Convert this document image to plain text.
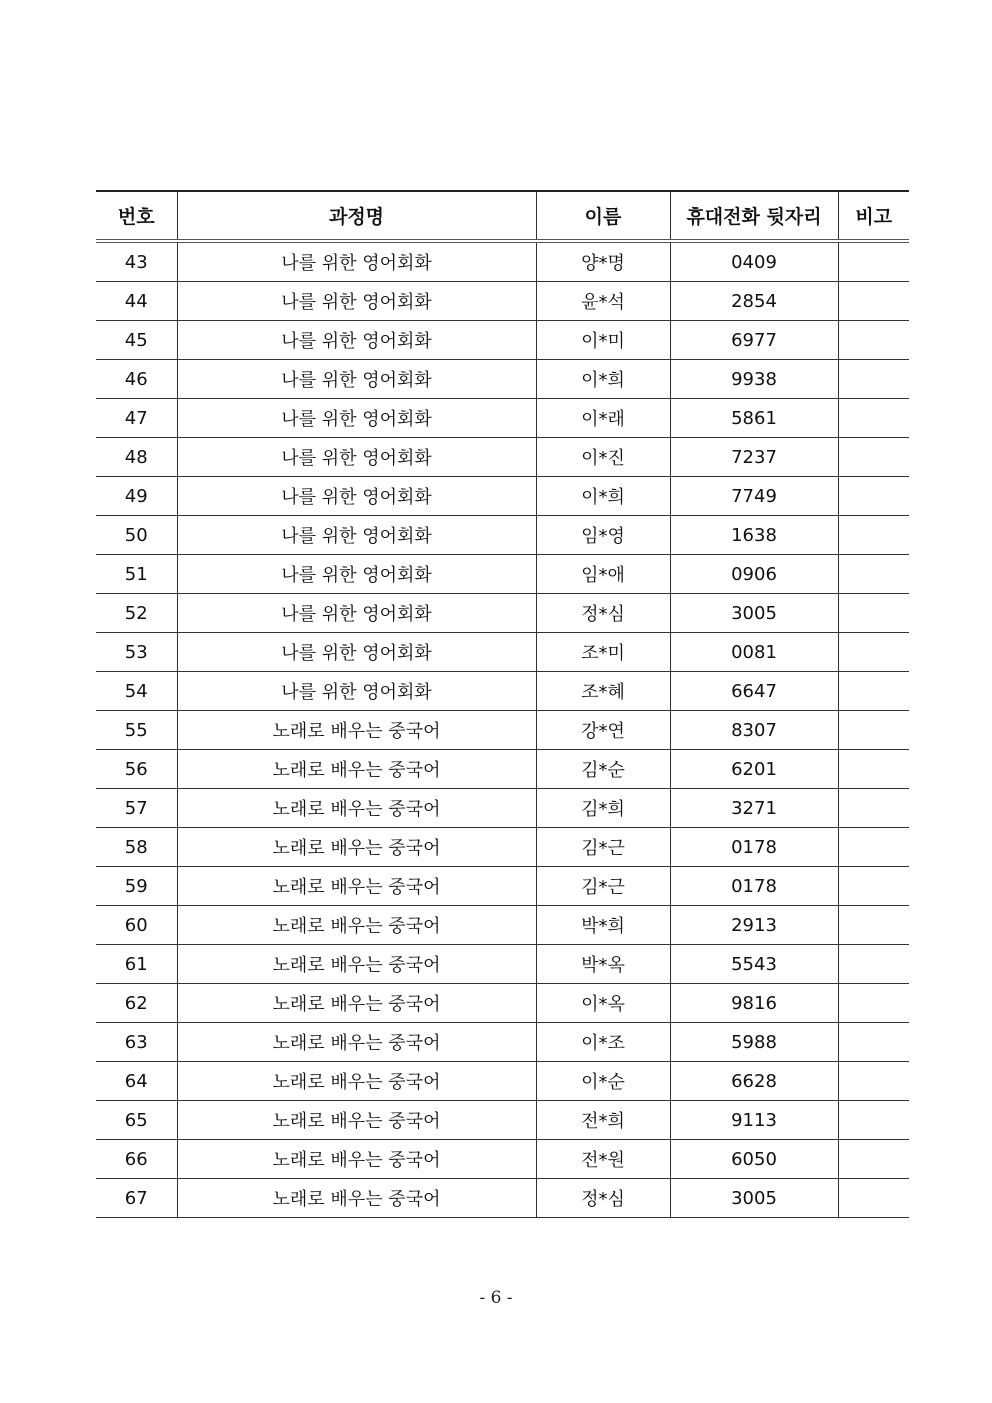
번호	과정명	이름	휴대전화 뒷자리	비고
43	나를 위한 영어회화	양*명	0409	
44	나를 위한 영어회화	윤*석	2854	
45	나를 위한 영어회화	이*미	6977	
46	나를 위한 영어회화	이*희	9938	
47	나를 위한 영어회화	이*래	5861	
48	나를 위한 영어회화	이*진	7237	
49	나를 위한 영어회화	이*희	7749	
50	나를 위한 영어회화	임*영	1638	
51	나를 위한 영어회화	임*애	0906	
52	나를 위한 영어회화	정*심	3005	
53	나를 위한 영어회화	조*미	0081	
54	나를 위한 영어회화	조*혜	6647	
55	노래로 배우는 중국어	강*연	8307	
56	노래로 배우는 중국어	김*순	6201	
57	노래로 배우는 중국어	김*희	3271	
58	노래로 배우는 중국어	김*근	0178	
59	노래로 배우는 중국어	김*근	0178	
60	노래로 배우는 중국어	박*희	2913	
61	노래로 배우는 중국어	박*옥	5543	
62	노래로 배우는 중국어	이*옥	9816	
63	노래로 배우는 중국어	이*조	5988	
64	노래로 배우는 중국어	이*순	6628	
65	노래로 배우는 중국어	전*희	9113	
66	노래로 배우는 중국어	전*원	6050	
67	노래로 배우는 중국어	정*심	3005	
- 6 -
